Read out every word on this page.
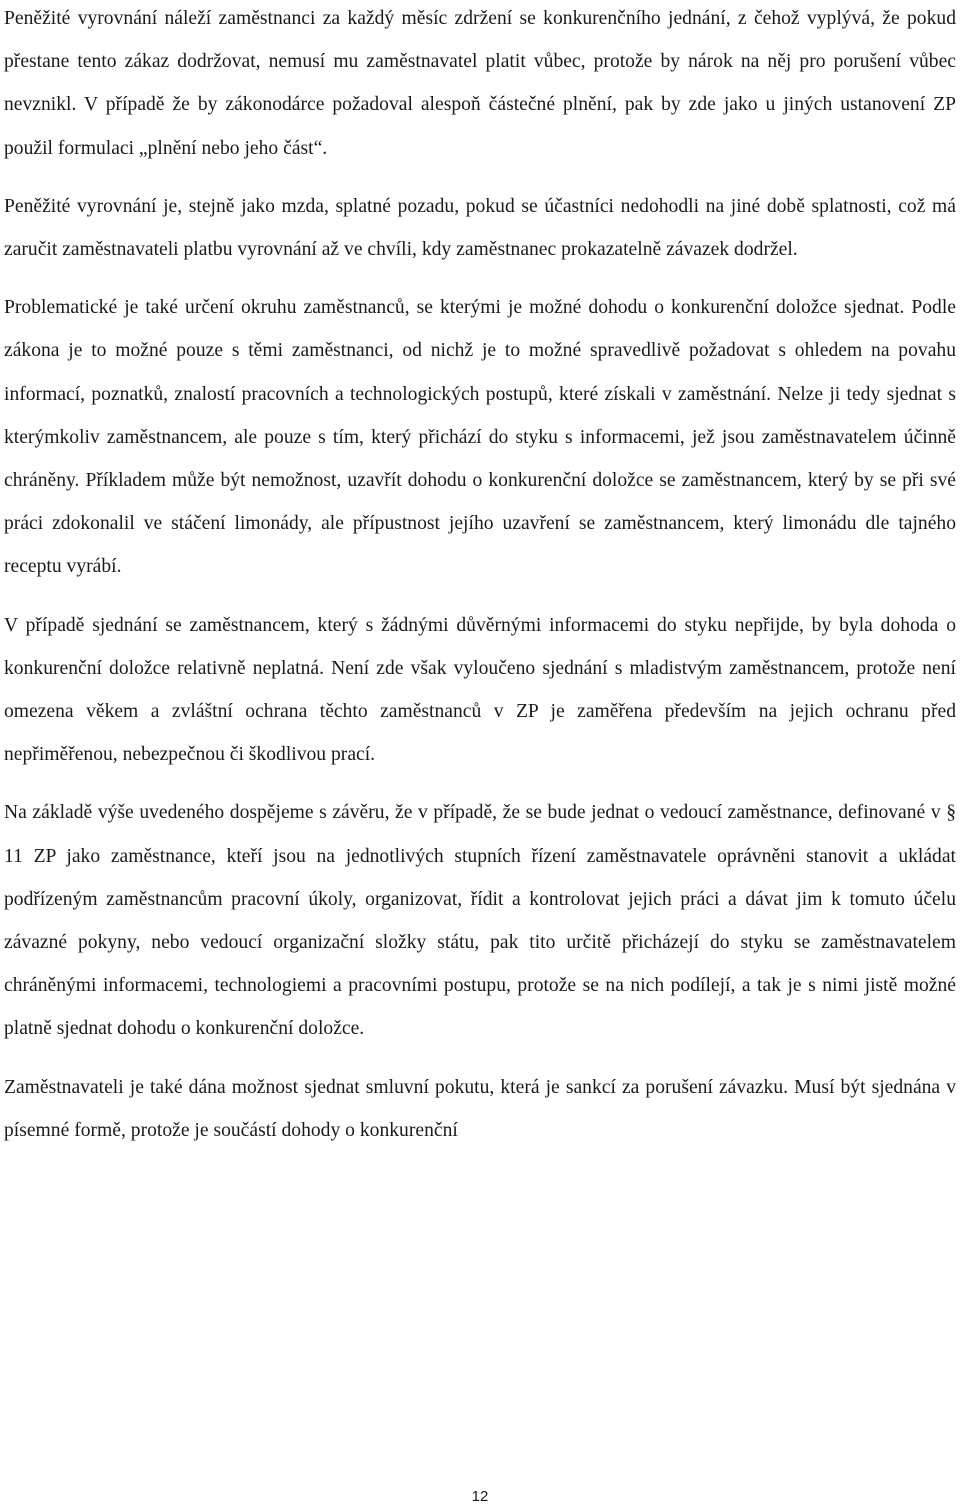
Peněžité vyrovnání náleží zaměstnanci za každý měsíc zdržení se konkurenčního jednání, z čehož vyplývá, že pokud přestane tento zákaz dodržovat, nemusí mu zaměstnavatel platit vůbec, protože by nárok na něj pro porušení vůbec nevznikl. V případě že by zákonodárce požadoval alespoň částečné plnění, pak by zde jako u jiných ustanovení ZP použil formulaci „plnění nebo jeho část“.

Peněžité vyrovnání je, stejně jako mzda, splatné pozadu, pokud se účastníci nedohodli na jiné době splatnosti, což má zaručit zaměstnavateli platbu vyrovnání až ve chvíli, kdy zaměstnanec prokazatelně závazek dodržel.

Problematické je také určení okruhu zaměstnanců, se kterými je možné dohodu o konkurenční doložce sjednat. Podle zákona je to možné pouze s těmi zaměstnanci, od nichž je to možné spravedlivě požadovat s ohledem na povahu informací, poznatků, znalostí pracovních a technologických postupů, které získali v zaměstnání. Nelze ji tedy sjednat s kterýmkoliv zaměstnancem, ale pouze s tím, který přichází do styku s informacemi, jež jsou zaměstnavatelem účinně chráněny. Příkladem může být nemožnost, uzavřít dohodu o konkurenční doložce se zaměstnancem, který by se při své práci zdokonalil ve stáčení limonády, ale přípustnost jejího uzavření se zaměstnancem, který limonádu dle tajného receptu vyrábí.

V případě sjednání se zaměstnancem, který s žádnými důvěrnými informacemi do styku nepřijde, by byla dohoda o konkurenční doložce relativně neplatná. Není zde však vyloučeno sjednání s mladistvým zaměstnancem, protože není omezena věkem a zvláštní ochrana těchto zaměstnanců v ZP je zaměřena především na jejich ochranu před nepřiměřenou, nebezpečnou či škodlivou prací.

Na základě výše uvedeného dospějeme s závěru, že v případě, že se bude jednat o vedoucí zaměstnance, definované v § 11 ZP jako zaměstnance, kteří jsou na jednotlivých stupních řízení zaměstnavatele oprávněni stanovit a ukládat podřízeným zaměstnancům pracovní úkoly, organizovat, řídit a kontrolovat jejich práci a dávat jim k tomuto účelu závazné pokyny, nebo vedoucí organizační složky státu, pak tito určitě přicházejí do styku se zaměstnavatelem chráněnými informacemi, technologiemi a pracovními postupu, protože se na nich podílejí, a tak je s nimi jistě možné platně sjednat dohodu o konkurenční doložce.

Zaměstnavateli je také dána možnost sjednat smluvní pokutu, která je sankcí za porušení závazku. Musí být sjednána v písemné formě, protože je součástí dohody o konkurenční

12
